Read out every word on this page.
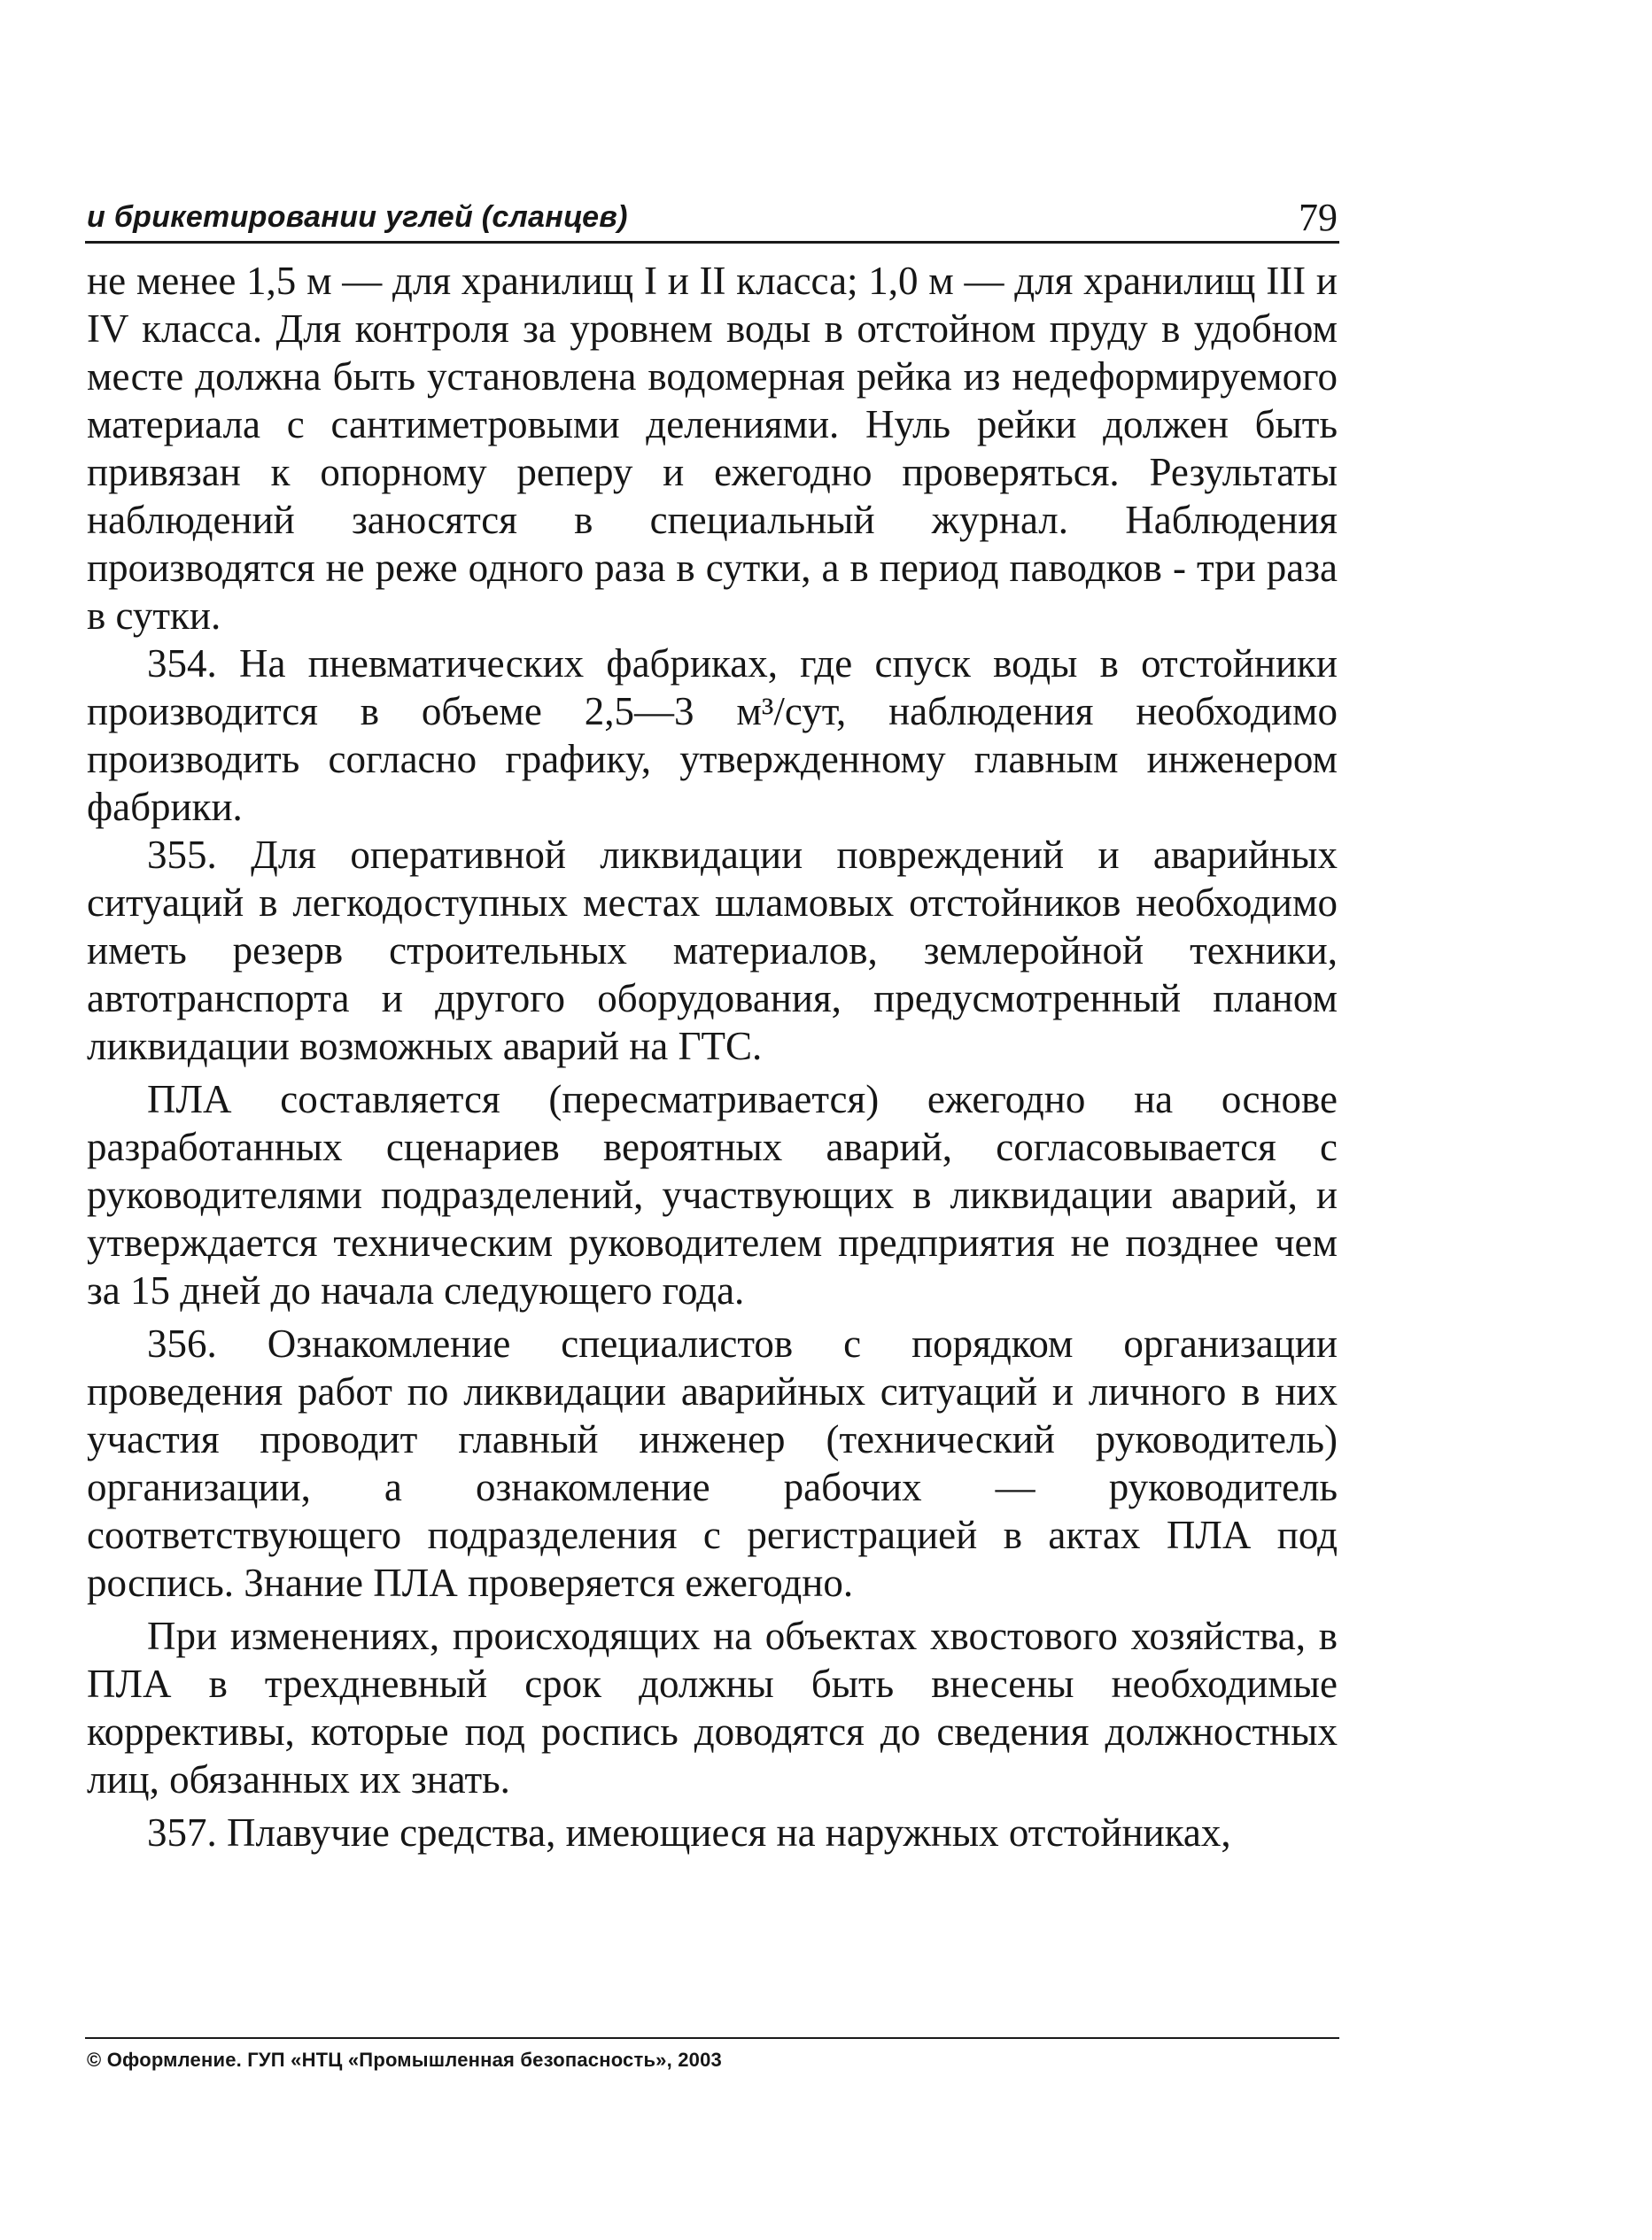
и брикетировании углей (сланцев)	79

не менее 1,5 м — для хранилищ I и II класса; 1,0 м — для хранилищ III и IV класса. Для контроля за уровнем воды в отстойном пруду в удобном месте должна быть установлена водомерная рейка из недеформируемого материала с сантиметровыми делениями. Нуль рейки должен быть привязан к опорному реперу и ежегодно проверяться. Результаты наблюдений заносятся в специальный журнал. Наблюдения производятся не реже одного раза в сутки, а в период паводков - три раза в сутки.

354. На пневматических фабриках, где спуск воды в отстойники производится в объеме 2,5—3 м³/сут, наблюдения необходимо производить согласно графику, утвержденному главным инженером фабрики.

355. Для оперативной ликвидации повреждений и аварийных ситуаций в легкодоступных местах шламовых отстойников необходимо иметь резерв строительных материалов, землеройной техники, автотранспорта и другого оборудования, предусмотренный планом ликвидации возможных аварий на ГТС.

ПЛА составляется (пересматривается) ежегодно на основе разработанных сценариев вероятных аварий, согласовывается с руководителями подразделений, участвующих в ликвидации аварий, и утверждается техническим руководителем предприятия не позднее чем за 15 дней до начала следующего года.

356. Ознакомление специалистов с порядком организации проведения работ по ликвидации аварийных ситуаций и личного в них участия проводит главный инженер (технический руководитель) организации, а ознакомление рабочих — руководитель соответствующего подразделения с регистрацией в актах ПЛА под роспись. Знание ПЛА проверяется ежегодно.

При изменениях, происходящих на объектах хвостового хозяйства, в ПЛА в трехдневный срок должны быть внесены необходимые коррективы, которые под роспись доводятся до сведения должностных лиц, обязанных их знать.

357. Плавучие средства, имеющиеся на наружных отстойниках,

© Оформление. ГУП «НТЦ «Промышленная безопасность», 2003
